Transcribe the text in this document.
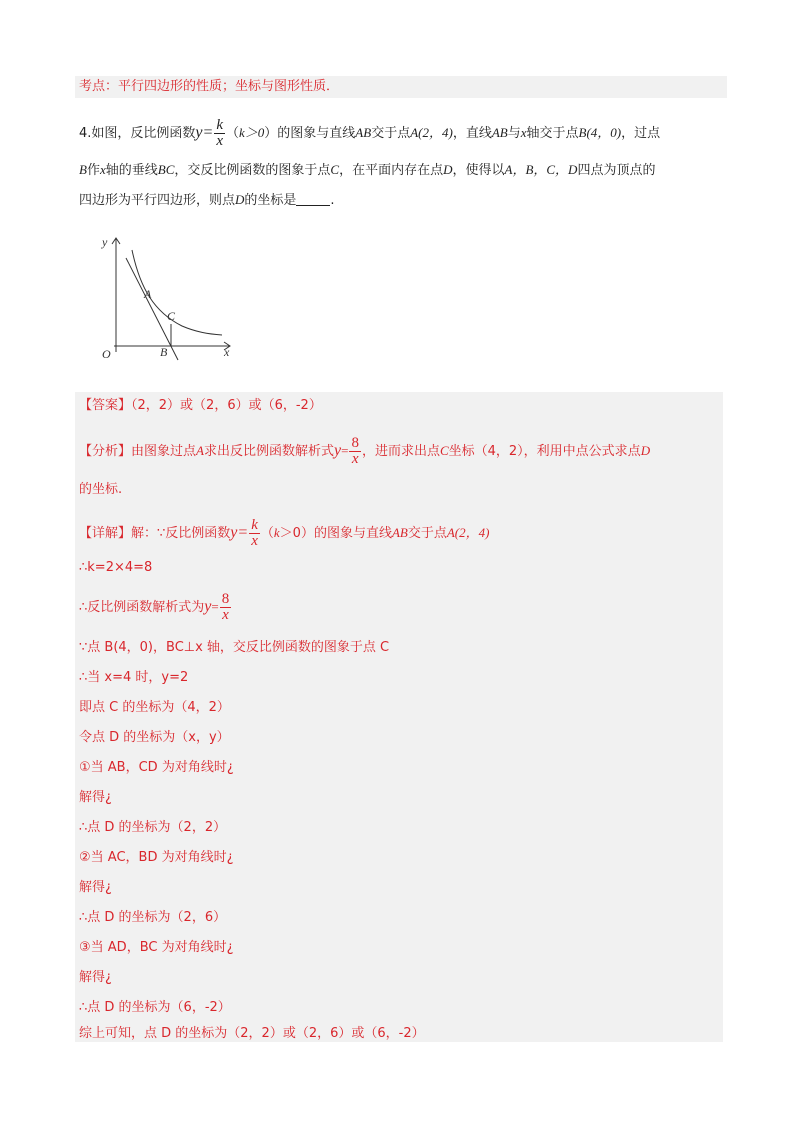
考点：平行四边形的性质；坐标与图形性质．
4.如图，反比例函数$y= \frac{k}{x} (k>0)$的图象与直线AB交于点A(2，4)，直线AB与x轴交于点B(4，0)，过点
B作x轴的垂线BC，交反比例函数的图象于点C，在平面内存在点D，使得以A，B，C，D四点为顶点的
四边形为平行四边形，则点D的坐标是	.
y
x
O
A
B
C
【答案】（2，2）或（2，6）或（6，-2）
【分析】由图象过点A求出反比例函数解析式$y= \frac{8}{x}$ ，进而求出点C坐标（4，2），利用中点公式求点D
的坐标.
【详解】解：∵反比例函数$y= \frac{k}{x} (k>0)$的图象与直线AB交于点A(2，4)
∴k=2×4=8
∴反比例函数解析式为$y= \frac{8}{x}$
∵点 B(4，0)，BC⊥x 轴，交反比例函数的图象于点 C
∴当 x=4 时，y=2
即点 C 的坐标为（4，2）
令点 D 的坐标为（x，y）
①当 AB，CD 为对角线时¿
解得¿
∴点 D 的坐标为（2，2）
②当 AC，BD 为对角线时¿
解得¿
∴点 D 的坐标为（2，6）
③当 AD，BC 为对角线时¿
解得¿
∴点 D 的坐标为（6，-2）
综上可知，点 D 的坐标为（2，2）或（2，6）或（6，-2）
